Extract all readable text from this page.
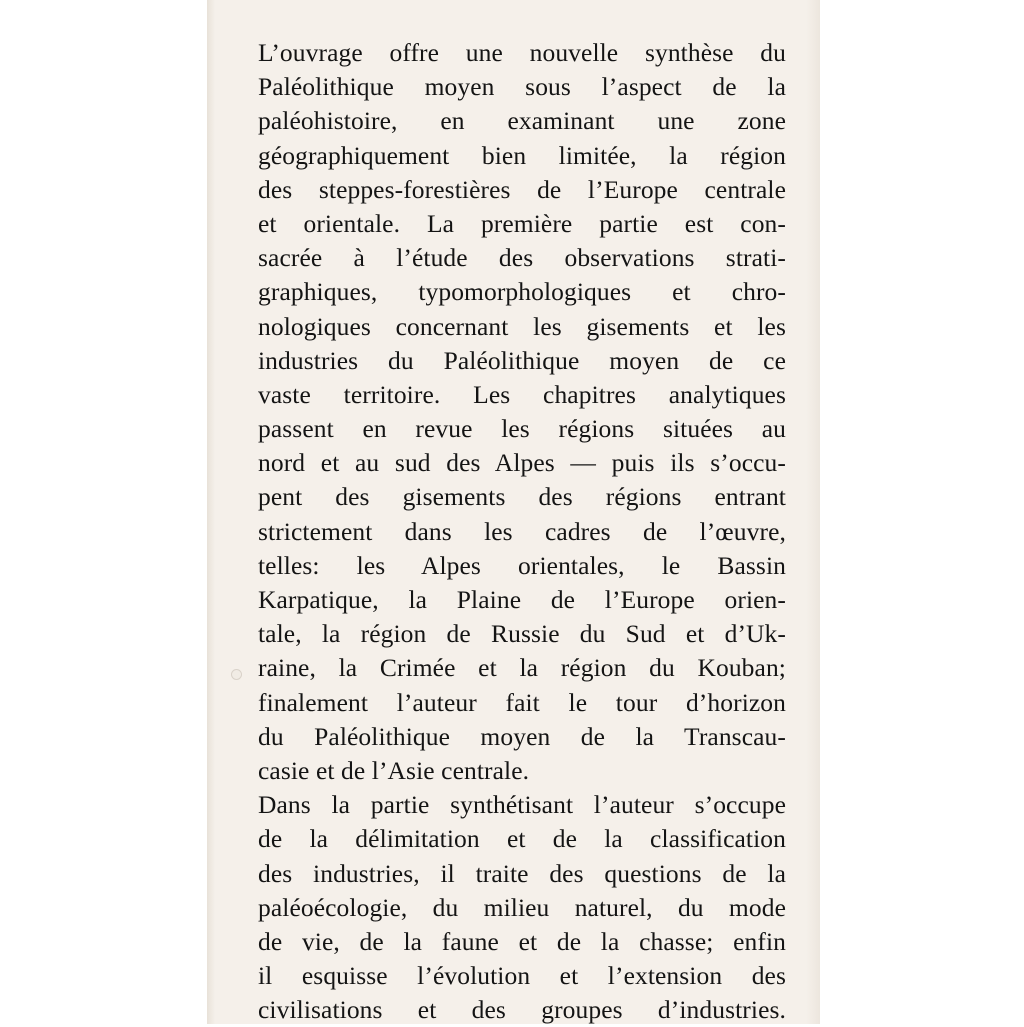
L’ouvrage offre une nouvelle synthèse du
Paléolithique moyen sous l’aspect de la
paléohistoire, en examinant une zone
géographiquement bien limitée, la région
des steppes-forestières de l’Europe centrale
et orientale. La première partie est con-
sacrée à l’étude des observations strati-
graphiques, typomorphologiques et chro-
nologiques concernant les gisements et les
industries du Paléolithique moyen de ce
vaste territoire. Les chapitres analytiques
passent en revue les régions situées au
nord et au sud des Alpes — puis ils s’occu-
pent des gisements des régions entrant
strictement dans les cadres de l’œuvre,
telles: les Alpes orientales, le Bassin
Karpatique, la Plaine de l’Europe orien-
tale, la région de Russie du Sud et d’Uk-
raine, la Crimée et la région du Kouban;
finalement l’auteur fait le tour d’horizon
du Paléolithique moyen de la Transcau-
casie et de l’Asie centrale.
Dans la partie synthétisant l’auteur s’occupe
de la délimitation et de la classification
des industries, il traite des questions de la
paléoécologie, du milieu naturel, du mode
de vie, de la faune et de la chasse; enfin
il esquisse l’évolution et l’extension des
civilisations et des groupes d’industries.
